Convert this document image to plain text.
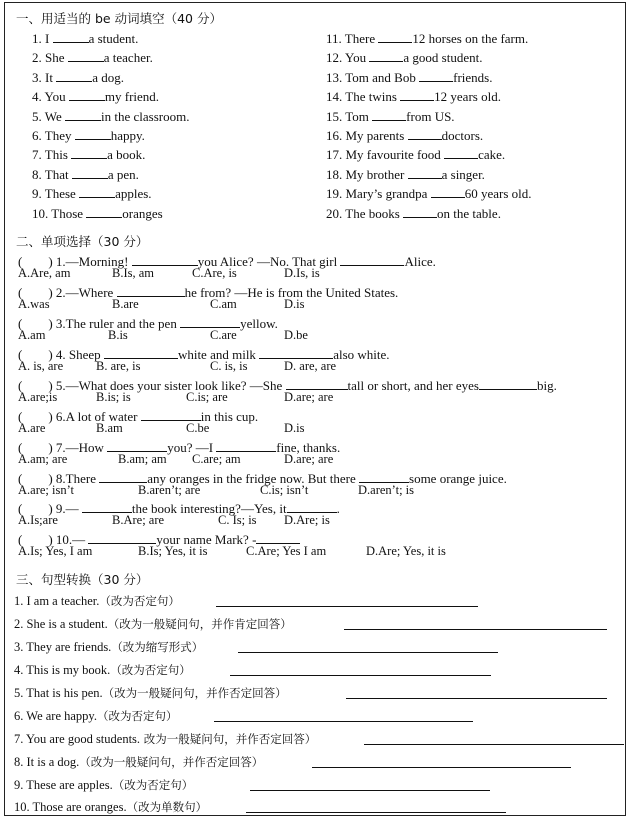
一、用适当的 be 动词填空（40 分）
1. I	a student.
2. She	a teacher.
3. It	a dog.
4. You	my friend.
5. We	in the classroom.
6. They	happy.
7. This	a book.
8. That	a pen.
9. These	apples.
10. Those	oranges
11. There	12 horses on the farm.
12. You	a good student.
13. Tom and Bob	friends.
14. The twins	12 years old.
15. Tom	from US.
16. My parents	doctors.
17. My favourite food	cake.
18. My brother	a singer.
19. Mary’s grandpa	60 years old.
20. The books	on the table.
二、单项选择（30 分）
(　　) 1.—Morning!	you Alice? —No. That girl	Alice.
A.Are, am	B.Is, am	C.Are, is	D.Is, is
(　　) 2.—Where	he from? —He is from the United States.
A.was	B.are	C.am	D.is
(　　) 3.The ruler and the pen	yellow.
A.am	B.is	C.are	D.be
(　　) 4. Sheep	white and milk	also white.
A. is, are	B. are, is	C. is, is	D. are, are
(　　) 5.—What does your sister look like? —She	tall or short, and her eyes	big.
A.are;is	B.is; is	C.is; are	D.are; are
(　　) 6.A lot of water	in this cup.
A.are	B.am	C.be	D.is
(　　) 7.—How	you? —I	fine, thanks.
A.am; are	B.am; am C.are; am	D.are; are
(　　) 8.There	any oranges in the fridge now. But there	some orange juice.
A.are; isn’t	B.aren’t; are	C.is; isn’t	D.aren’t; is
(　　) 9.—	the book interesting?—Yes, it	.
A.Is;are	B.Are; are	C. Is; is D.Are; is
(　　) 10.—	your name Mark? -
A.Is; Yes, I am	B.Is; Yes, it is	C.Are; Yes I am	D.Are; Yes, it is
三、句型转换（30 分）
1. I am a teacher.（改为否定句）
2. She is a student.（改为一般疑问句，并作肯定回答）
3. They are friends.（改为缩写形式）
4. This is my book.（改为否定句）
5. That is his pen.（改为一般疑问句，并作否定回答）
6. We are happy.（改为否定句）
7. You are good students. 改为一般疑问句，并作否定回答）
8. It is a dog.（改为一般疑问句，并作否定回答）
9. These are apples.（改为否定句）
10. Those are oranges.（改为单数句）
